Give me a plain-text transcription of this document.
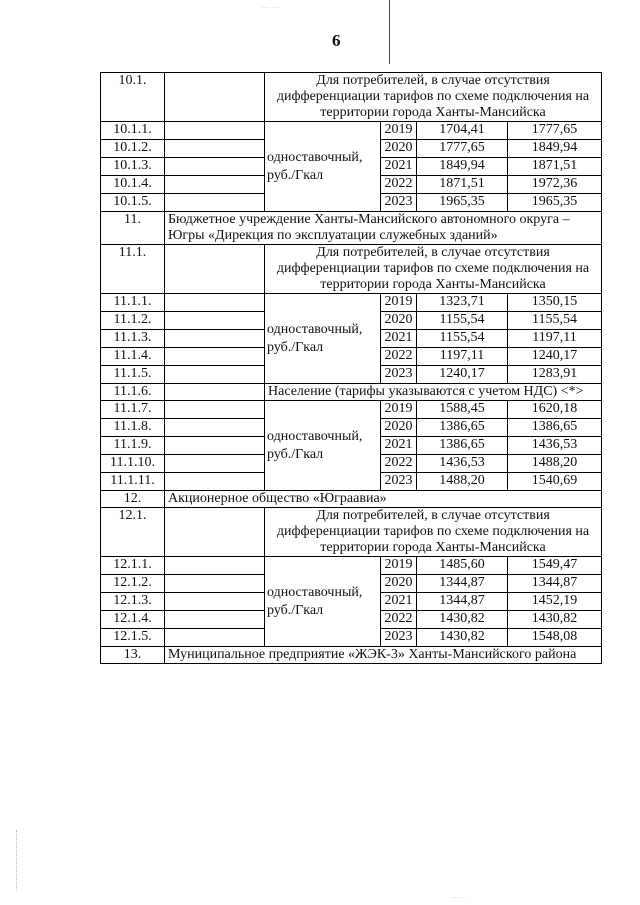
... ...
6
.....
10.1.		Для потребителей, в случае отсутствия дифференциации тарифов по схеме подключения на территории города Ханты-Мансийска			
10.1.1.		одноставочный, руб./Гкал	2019	1704,41	1777,65
10.1.2.			2020	1777,65	1849,94
10.1.3.			2021	1849,94	1871,51
10.1.4.			2022	1871,51	1972,36
10.1.5.			2023	1965,35	1965,35
11.	Бюджетное учреждение Ханты-Мансийского автономного округа – Югры «Дирекция по эксплуатации служебных зданий»				
11.1.		Для потребителей, в случае отсутствия дифференциации тарифов по схеме подключения на территории города Ханты-Мансийска			
11.1.1.		одноставочный, руб./Гкал	2019	1323,71	1350,15
11.1.2.			2020	1155,54	1155,54
11.1.3.			2021	1155,54	1197,11
11.1.4.			2022	1197,11	1240,17
11.1.5.			2023	1240,17	1283,91
11.1.6.		Население (тарифы указываются с учетом НДС) <*>			
11.1.7.		одноставочный, руб./Гкал	2019	1588,45	1620,18
11.1.8.			2020	1386,65	1386,65
11.1.9.			2021	1386,65	1436,53
11.1.10.			2022	1436,53	1488,20
11.1.11.			2023	1488,20	1540,69
12.	Акционерное общество «Юграавиа»				
12.1.		Для потребителей, в случае отсутствия дифференциации тарифов по схеме подключения на территории города Ханты-Мансийска			
12.1.1.		одноставочный, руб./Гкал	2019	1485,60	1549,47
12.1.2.			2020	1344,87	1344,87
12.1.3.			2021	1344,87	1452,19
12.1.4.			2022	1430,82	1430,82
12.1.5.			2023	1430,82	1548,08
13.	Муниципальное предприятие «ЖЭК-3» Ханты-Мансийского района				
